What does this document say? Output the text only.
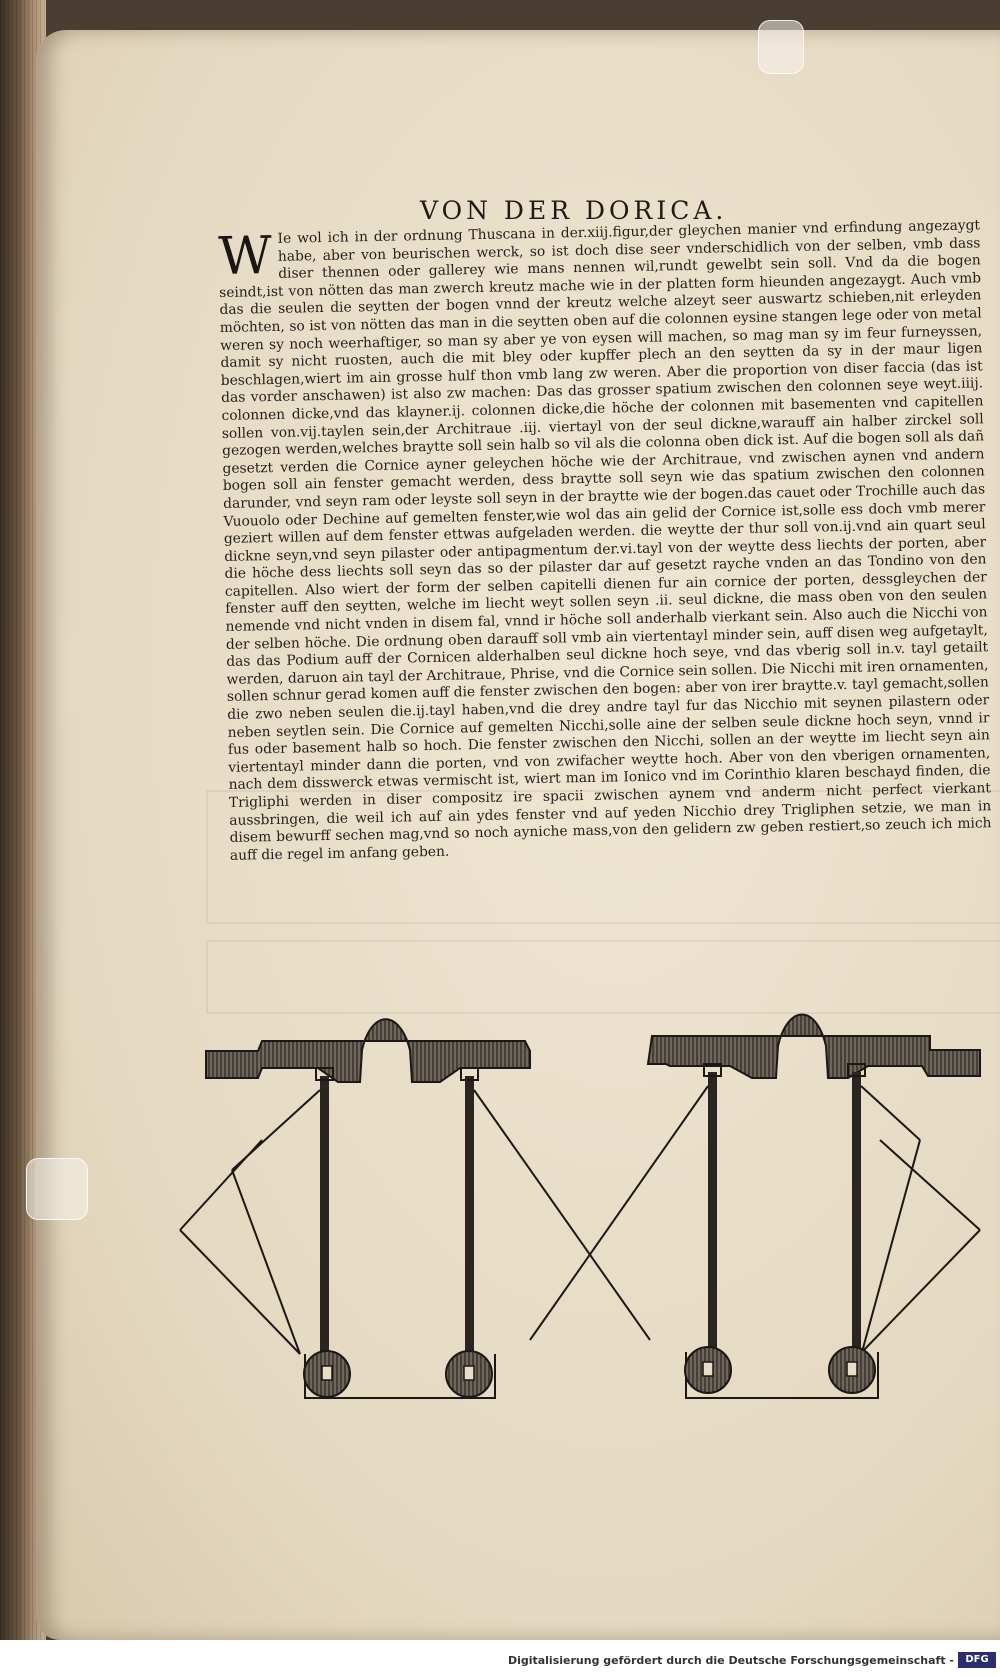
VON DER DORICA.
W Ie wol ich in der ordnung Thuscana in der.xiij.figur,der gleychen manier vnd erfindung angezaygt habe, aber von beurischen werck, so ist doch dise seer vnderschidlich von der selben, vmb dass diser thennen oder gallerey wie mans nennen wil,rundt gewelbt sein soll. Vnd da die bogen seindt,ist von nötten das man zwerch kreutz mache wie in der platten form hieunden angezaygt. Auch vmb das die seulen die seytten der bogen vnnd der kreutz welche alzeyt seer auswartz schieben,nit erleyden möchten, so ist von nötten das man in die seytten oben auf die colonnen eysine stangen lege oder von metal weren sy noch weerhaftiger, so man sy aber ye von eysen will machen, so mag man sy im feur furneyssen, damit sy nicht ruosten, auch die mit bley oder kupffer plech an den seytten da sy in der maur ligen beschlagen,wiert im ain grosse hulf thon vmb lang zw weren. Aber die proportion von diser faccia (das ist das vorder anschawen) ist also zw machen: Das das grosser spatium zwischen den colonnen seye weyt.iiij. colonnen dicke,vnd das klayner.ij. colonnen dicke,die höche der colonnen mit basementen vnd capitellen sollen von.vij.taylen sein,der Architraue .iij. viertayl von der seul dickne,warauff ain halber zirckel soll gezogen werden,welches braytte soll sein halb so vil als die colonna oben dick ist. Auf die bogen soll als dañ gesetzt verden die Cornice ayner geleychen höche wie der Architraue, vnd zwischen aynen vnd andern bogen soll ain fenster gemacht werden, dess braytte soll seyn wie das spatium zwischen den colonnen darunder, vnd seyn ram oder leyste soll seyn in der braytte wie der bogen.das cauet oder Trochille auch das Vuouolo oder Dechine auf gemelten fenster,wie wol das ain gelid der Cornice ist,solle ess doch vmb merer geziert willen auf dem fenster ettwas aufgeladen werden. die weytte der thur soll von.ij.vnd ain quart seul dickne seyn,vnd seyn pilaster oder antipagmentum der.vi.tayl von der weytte dess liechts der porten, aber die höche dess liechts soll seyn das so der pilaster dar auf gesetzt rayche vnden an das Tondino von den capitellen. Also wiert der form der selben capitelli dienen fur ain cornice der porten, dessgleychen der fenster auff den seytten, welche im liecht weyt sollen seyn .ii. seul dickne, die mass oben von den seulen nemende vnd nicht vnden in disem fal, vnnd ir höche soll anderhalb vierkant sein. Also auch die Nicchi von der selben höche. Die ordnung oben darauff soll vmb ain viertentayl minder sein, auff disen weg aufgetaylt, das das Podium auff der Cornicen alderhalben seul dickne hoch seye, vnd das vberig soll in.v. tayl getailt werden, daruon ain tayl der Architraue, Phrise, vnd die Cornice sein sollen. Die Nicchi mit iren ornamenten, sollen schnur gerad komen auff die fenster zwischen den bogen: aber von irer braytte.v. tayl gemacht,sollen die zwo neben seulen die.ij.tayl haben,vnd die drey andre tayl fur das Nicchio mit seynen pilastern oder neben seytlen sein. Die Cornice auf gemelten Nicchi,solle aine der selben seule dickne hoch seyn, vnnd ir fus oder basement halb so hoch. Die fenster zwischen den Nicchi, sollen an der weytte im liecht seyn ain viertentayl minder dann die porten, vnd von zwifacher weytte hoch. Aber von den vberigen ornamenten, nach dem disswerck etwas vermischt ist, wiert man im Ionico vnd im Corinthio klaren beschayd finden, die Trigliphi werden in diser compositz ire spacii zwischen aynem vnd anderm nicht perfect vierkant aussbringen, die weil ich auf ain ydes fenster vnd auf yeden Nicchio drey Trigliphen setzie, we man in disem bewurff sechen mag,vnd so noch ayniche mass,von den gelidern zw geben restiert,so zeuch ich mich auff die regel im anfang geben.
Digitalisierung gefördert durch die Deutsche Forschungsgemeinschaft -	DFG
